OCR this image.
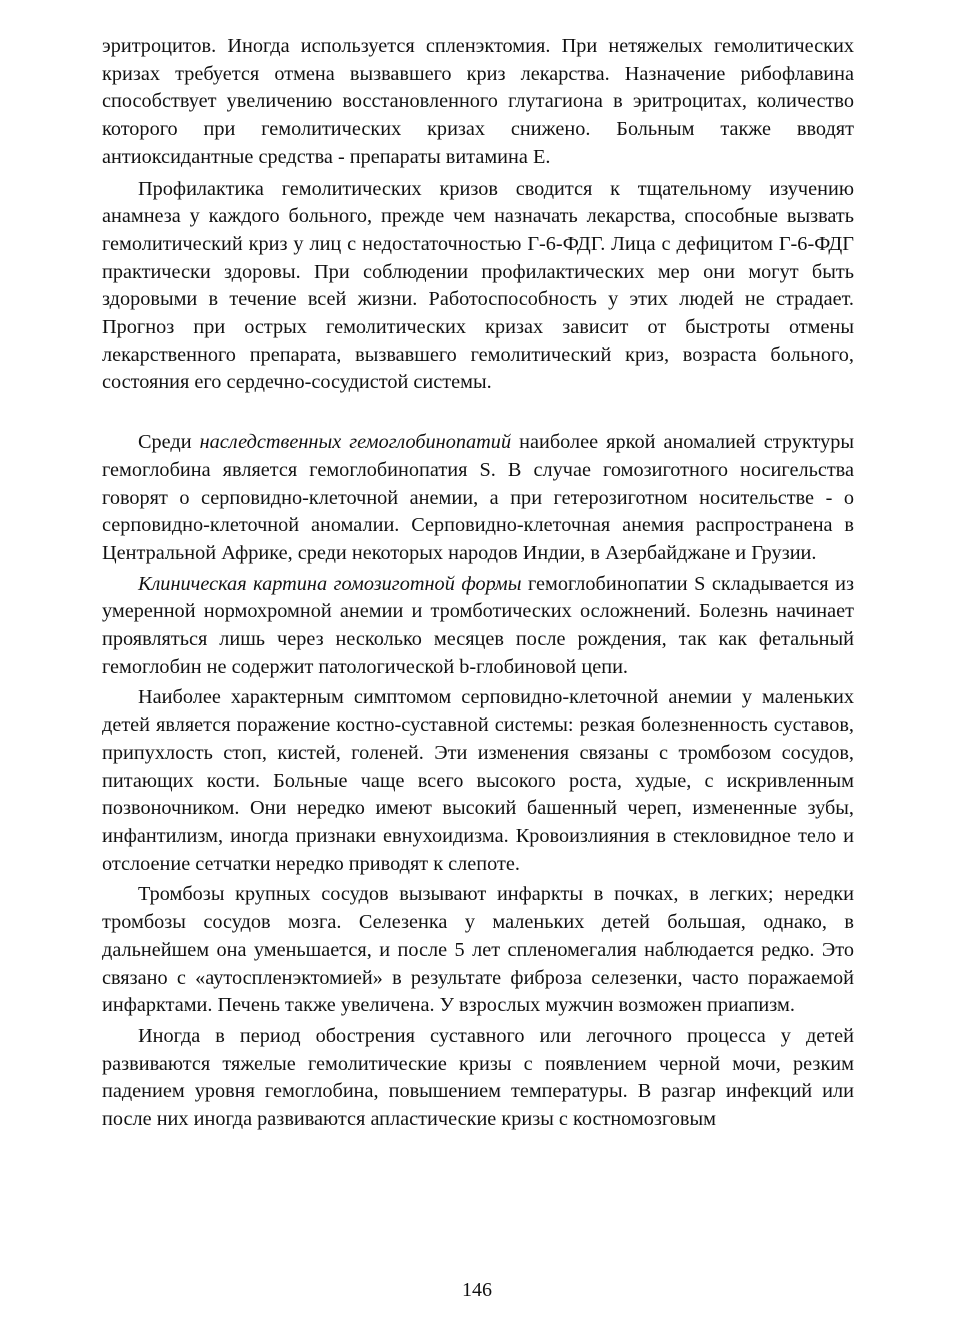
эритроцитов. Иногда используется спленэктомия. При нетяжелых гемолитических кризах требуется отмена вызвавшего криз лекарства. Назначение рибофлавина способствует увеличению восстановленного глутагиона в эритроцитах, количество которого при гемолитических кризах снижено. Больным также вводят антиоксидантные средства - препараты витамина Е.

Профилактика гемолитических кризов сводится к тщательному изучению анамнеза у каждого больного, прежде чем назначать лекарства, способные вызвать гемолитический криз у лиц с недостаточностью Г-6-ФДГ. Лица с дефицитом Г-6-ФДГ практически здоровы. При соблюдении профилактических мер они могут быть здоровыми в течение всей жизни. Работоспособность у этих людей не страдает. Прогноз при острых гемолитических кризах зависит от быстроты отмены лекарственного препарата, вызвавшего гемолитический криз, возраста больного, состояния его сердечно-сосудистой системы.

Среди наследственных гемоглобинопатий наиболее яркой аномалией структуры гемоглобина является гемоглобинопатия S. В случае гомозиготного носигельства говорят о серповидно-клеточной анемии, а при гетерозиготном носительстве - о серповидно-клеточной аномалии. Серповидно-клеточная анемия распространена в Центральной Африке, среди некоторых народов Индии, в Азербайджане и Грузии.

Клиническая картина гомозиготной формы гемоглобинопатии S складывается из умеренной нормохромной анемии и тромботических осложнений. Болезнь начинает проявляться лишь через несколько месяцев после рождения, так как фетальный гемоглобин не содержит патологической b-глобиновой цепи.

Наиболее характерным симптомом серповидно-клеточной анемии у маленьких детей является поражение костно-суставной системы: резкая болезненность суставов, припухлость стоп, кистей, голеней. Эти изменения связаны с тромбозом сосудов, питающих кости. Больные чаще всего высокого роста, худые, с искривленным позвоночником. Они нередко имеют высокий башенный череп, измененные зубы, инфантилизм, иногда признаки евнухоидизма. Кровоизлияния в стекловидное тело и отслоение сетчатки нередко приводят к слепоте.

Тромбозы крупных сосудов вызывают инфаркты в почках, в легких; нередки тромбозы сосудов мозга. Селезенка у маленьких детей большая, однако, в дальнейшем она уменьшается, и после 5 лет спленомегалия наблюдается редко. Это связано с «аутоспленэктомией» в результате фиброза селезенки, часто поражаемой инфарктами. Печень также увеличена. У взрослых мужчин возможен приапизм.

Иногда в период обострения суставного или легочного процесса у детей развиваются тяжелые гемолитические кризы с появлением черной мочи, резким падением уровня гемоглобина, повышением температуры. В разгар инфекций или после них иногда развиваются апластические кризы с костномозговым

146
